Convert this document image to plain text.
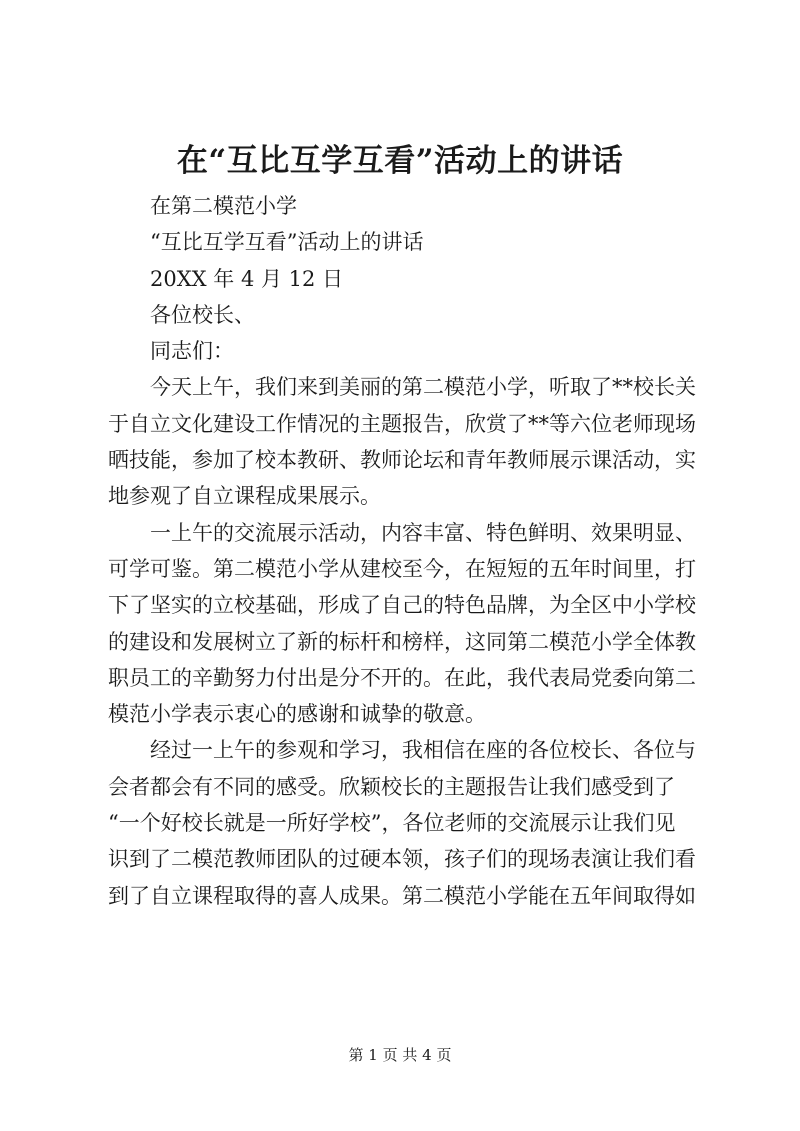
在“互比互学互看”活动上的讲话
在第二模范小学
“互比互学互看”活动上的讲话
20XX 年 4 月 12 日
各位校长、
同志们：
今天上午，我们来到美丽的第二模范小学，听取了**校长关
于自立文化建设工作情况的主题报告，欣赏了**等六位老师现场
晒技能，参加了校本教研、教师论坛和青年教师展示课活动，实
地参观了自立课程成果展示。
一上午的交流展示活动，内容丰富、特色鲜明、效果明显、
可学可鉴。第二模范小学从建校至今，在短短的五年时间里，打
下了坚实的立校基础，形成了自己的特色品牌，为全区中小学校
的建设和发展树立了新的标杆和榜样，这同第二模范小学全体教
职员工的辛勤努力付出是分不开的。在此，我代表局党委向第二
模范小学表示衷心的感谢和诚挚的敬意。
经过一上午的参观和学习，我相信在座的各位校长、各位与
会者都会有不同的感受。欣颖校长的主题报告让我们感受到了
“一个好校长就是一所好学校”，各位老师的交流展示让我们见
识到了二模范教师团队的过硬本领，孩子们的现场表演让我们看
到了自立课程取得的喜人成果。第二模范小学能在五年间取得如
第 1 页 共 4 页
